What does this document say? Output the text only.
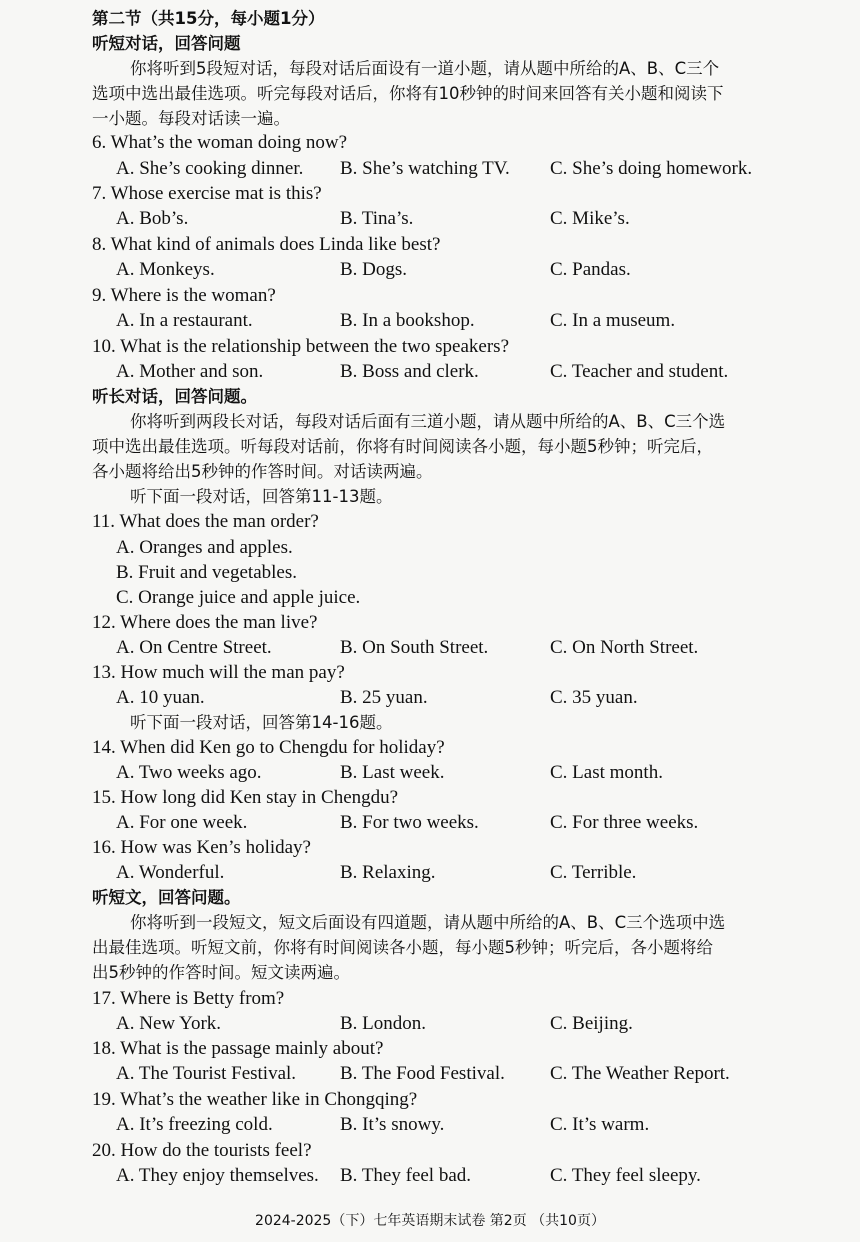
第二节（共15分，每小题1分）
听短对话，回答问题
你将听到5段短对话，每段对话后面设有一道小题，请从题中所给的A、B、C三个
选项中选出最佳选项。听完每段对话后，你将有10秒钟的时间来回答有关小题和阅读下
一小题。每段对话读一遍。
6. What’s the woman doing now?
A. She’s cooking dinner. B. She’s watching TV. C. She’s doing homework.
7. Whose exercise mat is this?
A. Bob’s.	B. Tina’s.	C. Mike’s.
8. What kind of animals does Linda like best?
A. Monkeys.	B. Dogs.	C. Pandas.
9. Where is the woman?
A. In a restaurant.	B. In a bookshop.	C. In a museum.
10. What is the relationship between the two speakers?
A. Mother and son.	B. Boss and clerk.	C. Teacher and student.
听长对话，回答问题。
你将听到两段长对话，每段对话后面有三道小题，请从题中所给的A、B、C三个选
项中选出最佳选项。听每段对话前，你将有时间阅读各小题，每小题5秒钟；听完后，
各小题将给出5秒钟的作答时间。对话读两遍。
听下面一段对话，回答第11-13题。
11. What does the man order?
A. Oranges and apples.
B. Fruit and vegetables.
C. Orange juice and apple juice.
12. Where does the man live?
A. On Centre Street.	B. On South Street.	C. On North Street.
13. How much will the man pay?
A. 10 yuan.	B. 25 yuan.	C. 35 yuan.
听下面一段对话，回答第14-16题。
14. When did Ken go to Chengdu for holiday?
A. Two weeks ago.	B. Last week.	C. Last month.
15. How long did Ken stay in Chengdu?
A. For one week.	B. For two weeks.	C. For three weeks.
16. How was Ken’s holiday?
A. Wonderful.	B. Relaxing.	C. Terrible.
听短文，回答问题。
你将听到一段短文，短文后面设有四道题，请从题中所给的A、B、C三个选项中选
出最佳选项。听短文前，你将有时间阅读各小题，每小题5秒钟；听完后，各小题将给
出5秒钟的作答时间。短文读两遍。
17. Where is Betty from?
A. New York.	B. London.	C. Beijing.
18. What is the passage mainly about?
A. The Tourist Festival. B. The Food Festival. C. The Weather Report.
19. What’s the weather like in Chongqing?
A. It’s freezing cold.	B. It’s snowy.	C. It’s warm.
20. How do the tourists feel?
A. They enjoy themselves. B. They feel bad.	C. They feel sleepy.
2024-2025（下）七年英语期末试卷 第2页 （共10页）
